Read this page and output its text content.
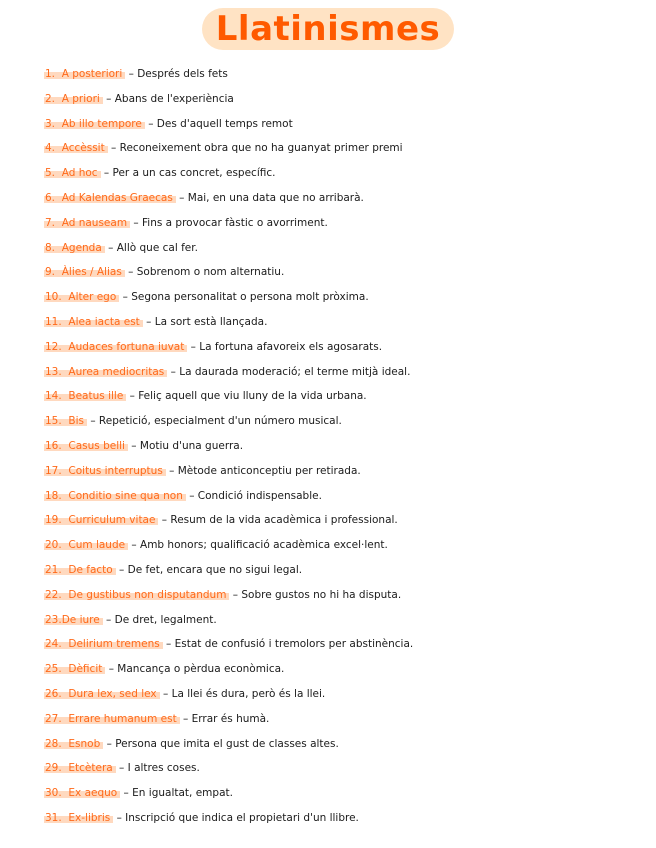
Llatinismes
1. A posteriori – Després dels fets
2. A priori – Abans de l'experiència
3. Ab illo tempore – Des d'aquell temps remot
4. Accèssit – Reconeixement obra que no ha guanyat primer premi
5. Ad hoc – Per a un cas concret, específic.
6. Ad Kalendas Graecas – Mai, en una data que no arribarà.
7. Ad nauseam – Fins a provocar fàstic o avorriment.
8. Agenda – Allò que cal fer.
9. Àlies / Alias – Sobrenom o nom alternatiu.
10. Alter ego – Segona personalitat o persona molt pròxima.
11. Alea iacta est – La sort està llançada.
12. Audaces fortuna iuvat – La fortuna afavoreix els agosarats.
13. Aurea mediocritas – La daurada moderació; el terme mitjà ideal.
14. Beatus ille – Feliç aquell que viu lluny de la vida urbana.
15. Bis – Repetició, especialment d'un número musical.
16. Casus belli – Motiu d'una guerra.
17. Coitus interruptus – Mètode anticonceptiu per retirada.
18. Conditio sine qua non – Condició indispensable.
19. Curriculum vitae – Resum de la vida acadèmica i professional.
20. Cum laude – Amb honors; qualificació acadèmica excel·lent.
21. De facto – De fet, encara que no sigui legal.
22. De gustibus non disputandum – Sobre gustos no hi ha disputa.
23.De iure – De dret, legalment.
24. Delirium tremens – Estat de confusió i tremolors per abstinència.
25. Dèficit – Mancança o pèrdua econòmica.
26. Dura lex, sed lex – La llei és dura, però és la llei.
27. Errare humanum est – Errar és humà.
28. Esnob – Persona que imita el gust de classes altes.
29. Etcètera – I altres coses.
30. Ex aequo – En igualtat, empat.
31. Ex-libris – Inscripció que indica el propietari d'un llibre.
